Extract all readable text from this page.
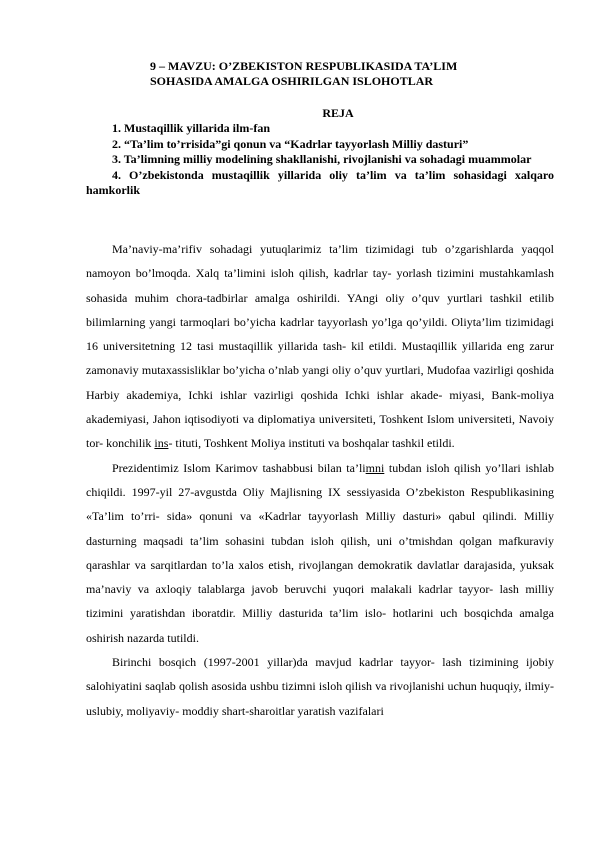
9 – MAVZU: O’ZBEKISTON RESPUBLIKASIDA TA’LIM
SOHASIDA AMALGA OSHIRILGAN ISLOHOTLAR
REJA
1. Mustaqillik yillarida ilm-fan
2. “Ta’lim to’rrisida”gi qonun va “Kadrlar tayyorlash Milliy dasturi”
3. Ta’limning milliy modelining shakllanishi, rivojlanishi va sohadagi muammolar
4. O’zbekistonda mustaqillik yillarida oliy ta’lim va ta’lim sohasidagi xalqaro hamkorlik

Ma’naviy-ma’rifiv sohadagi yutuqlarimiz ta’lim tizimidagi tub o’zgarishlarda yaqqol namoyon bo’lmoqda. Xalq ta’limini isloh qilish, kadrlar tay- yorlash tizimini mustahkamlash sohasida muhim chora-tadbirlar amalga oshirildi. YAngi oliy o’quv yurtlari tashkil etilib bilimlarning yangi tarmoqlari bo’yicha kadrlar tayyorlash yo’lga qo’yildi. Oliyta’lim tizimidagi 16 universitetning 12 tasi mustaqillik yillarida tash- kil etildi. Mustaqillik yillarida eng zarur zamonaviy mutaxassisliklar bo’yicha o’nlab yangi oliy o’quv yurtlari, Mudofaa vazirligi qoshida Harbiy akademiya, Ichki ishlar vazirligi qoshida Ichki ishlar akade- miyasi, Bank-moliya akademiyasi, Jahon iqtisodiyoti va diplomatiya universiteti, Toshkent Islom universiteti, Navoiy tor- konchilik ins- tituti, Toshkent Moliya instituti va boshqalar tashkil etildi.

Prezidentimiz Islom Karimov tashabbusi bilan ta’limni tubdan isloh qilish yo’llari ishlab chiqildi. 1997-yil 27-avgustda Oliy Majlisning IX sessiyasida O’zbekiston Respublikasining «Ta’lim to’rri- sida» qonuni va «Kadrlar tayyorlash Milliy dasturi» qabul qilindi. Milliy dasturning maqsadi ta’lim sohasini tubdan isloh qilish, uni o’tmishdan qolgan mafkuraviy qarashlar va sarqitlardan to’la xalos etish, rivojlangan demokratik davlatlar darajasida, yuksak ma’naviy va axloqiy talablarga javob beruvchi yuqori malakali kadrlar tayyor- lash milliy tizimini yaratishdan iboratdir. Milliy dasturida ta’lim islo- hotlarini uch bosqichda amalga oshirish nazarda tutildi.

Birinchi bosqich (1997-2001 yillar)da mavjud kadrlar tayyor- lash tizimining ijobiy salohiyatini saqlab qolish asosida ushbu tizimni isloh qilish va rivojlanishi uchun huquqiy, ilmiy-uslubiy, moliyaviy- moddiy shart-sharoitlar yaratish vazifalari
